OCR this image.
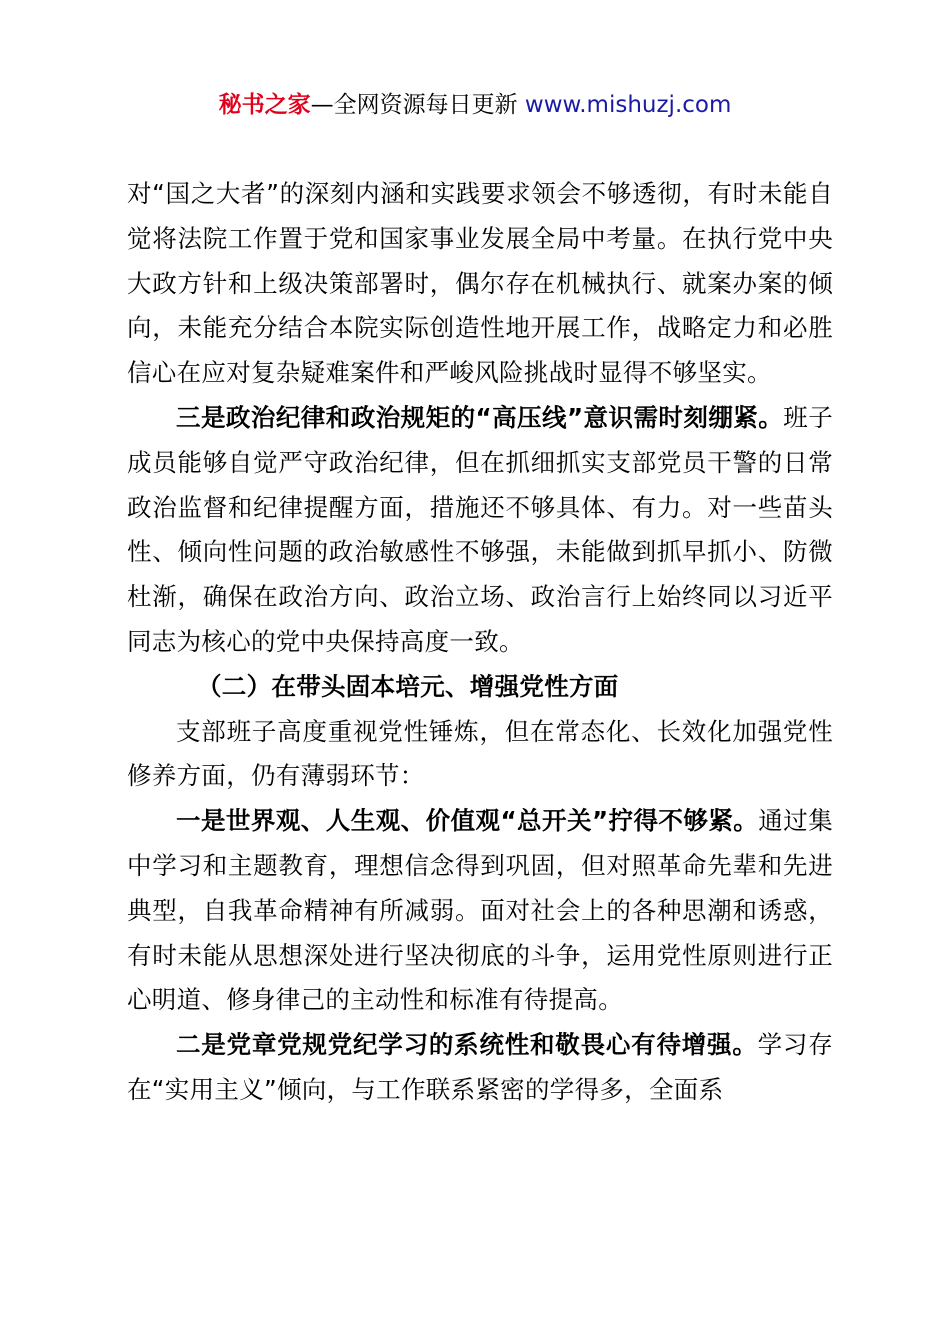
秘书之家—全网资源每日更新 www.mishuzj.com

对“国之大者”的深刻内涵和实践要求领会不够透彻，有时未能自觉将法院工作置于党和国家事业发展全局中考量。在执行党中央大政方针和上级决策部署时，偶尔存在机械执行、就案办案的倾向，未能充分结合本院实际创造性地开展工作，战略定力和必胜信心在应对复杂疑难案件和严峻风险挑战时显得不够坚实。

三是政治纪律和政治规矩的“高压线”意识需时刻绷紧。班子成员能够自觉严守政治纪律，但在抓细抓实支部党员干警的日常政治监督和纪律提醒方面，措施还不够具体、有力。对一些苗头性、倾向性问题的政治敏感性不够强，未能做到抓早抓小、防微杜渐，确保在政治方向、政治立场、政治言行上始终同以习近平同志为核心的党中央保持高度一致。

（二）在带头固本培元、增强党性方面

支部班子高度重视党性锤炼，但在常态化、长效化加强党性修养方面，仍有薄弱环节：

一是世界观、人生观、价值观“总开关”拧得不够紧。通过集中学习和主题教育，理想信念得到巩固，但对照革命先辈和先进典型，自我革命精神有所减弱。面对社会上的各种思潮和诱惑，有时未能从思想深处进行坚决彻底的斗争，运用党性原则进行正心明道、修身律己的主动性和标准有待提高。

二是党章党规党纪学习的系统性和敬畏心有待增强。学习存在“实用主义”倾向，与工作联系紧密的学得多，全面系
